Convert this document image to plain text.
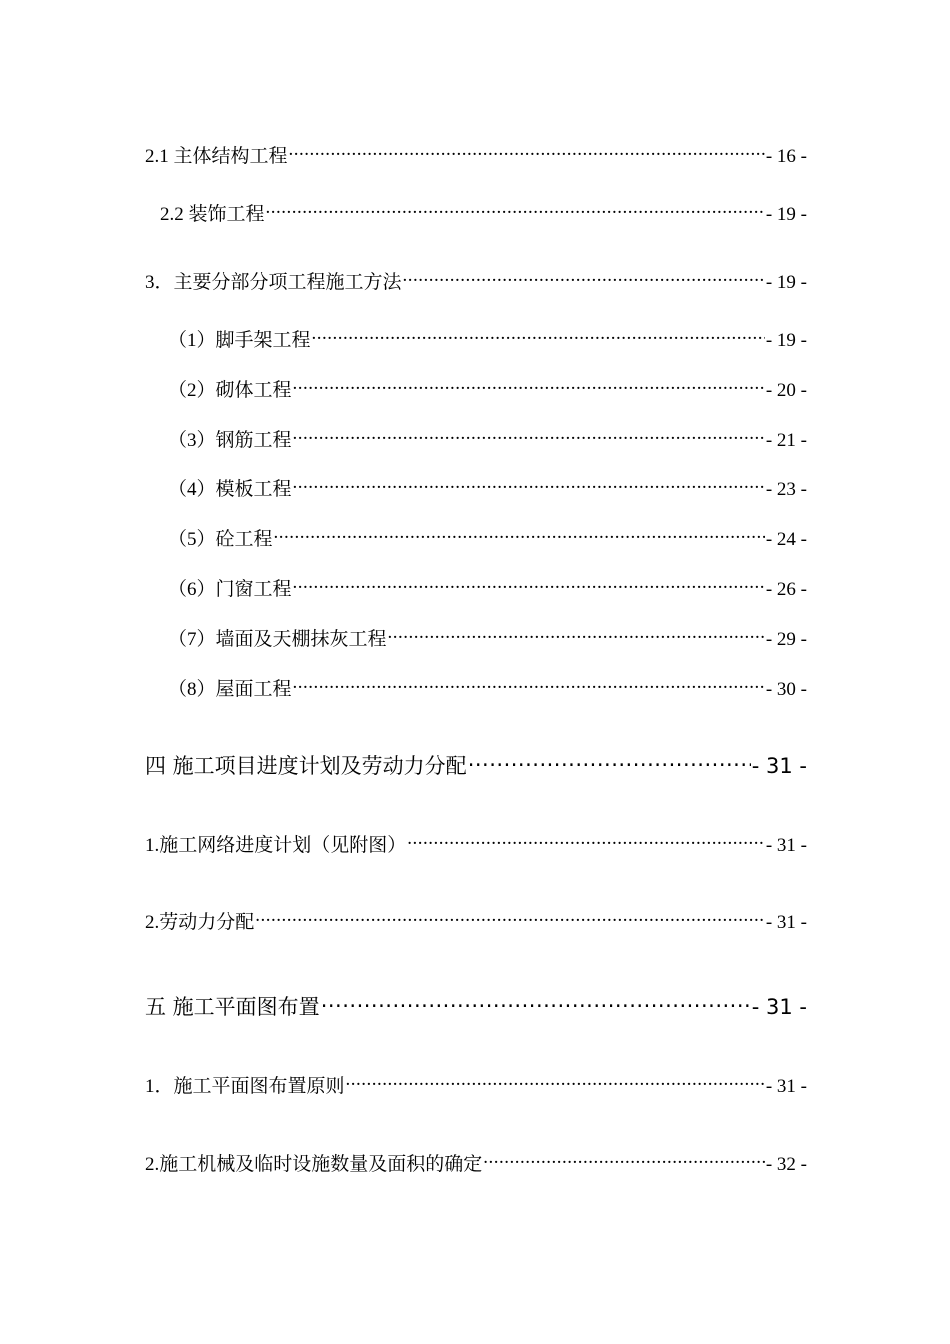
2.1 主体结构工程 .....	- 16 -
2.2 装饰工程 .....	- 19 -
3．主要分部分项工程施工方法 .....	- 19 -
（1）脚手架工程 .....	- 19 -
（2）砌体工程 .....	- 20 -
（3）钢筋工程 .....	- 21 -
（4）模板工程 .....	- 23 -
（5）砼工程 .....	- 24 -
（6）门窗工程 .....	- 26 -
（7）墙面及天棚抹灰工程 .....	- 29 -
（8）屋面工程 .....	- 30 -
四 施工项目进度计划及劳动力分配 .....	- 31 -
1.施工网络进度计划（见附图） .....	- 31 -
2.劳动力分配 .....	- 31 -
五 施工平面图布置 .....	- 31 -
1．施工平面图布置原则 .....	- 31 -
2.施工机械及临时设施数量及面积的确定 .....	- 32 -
